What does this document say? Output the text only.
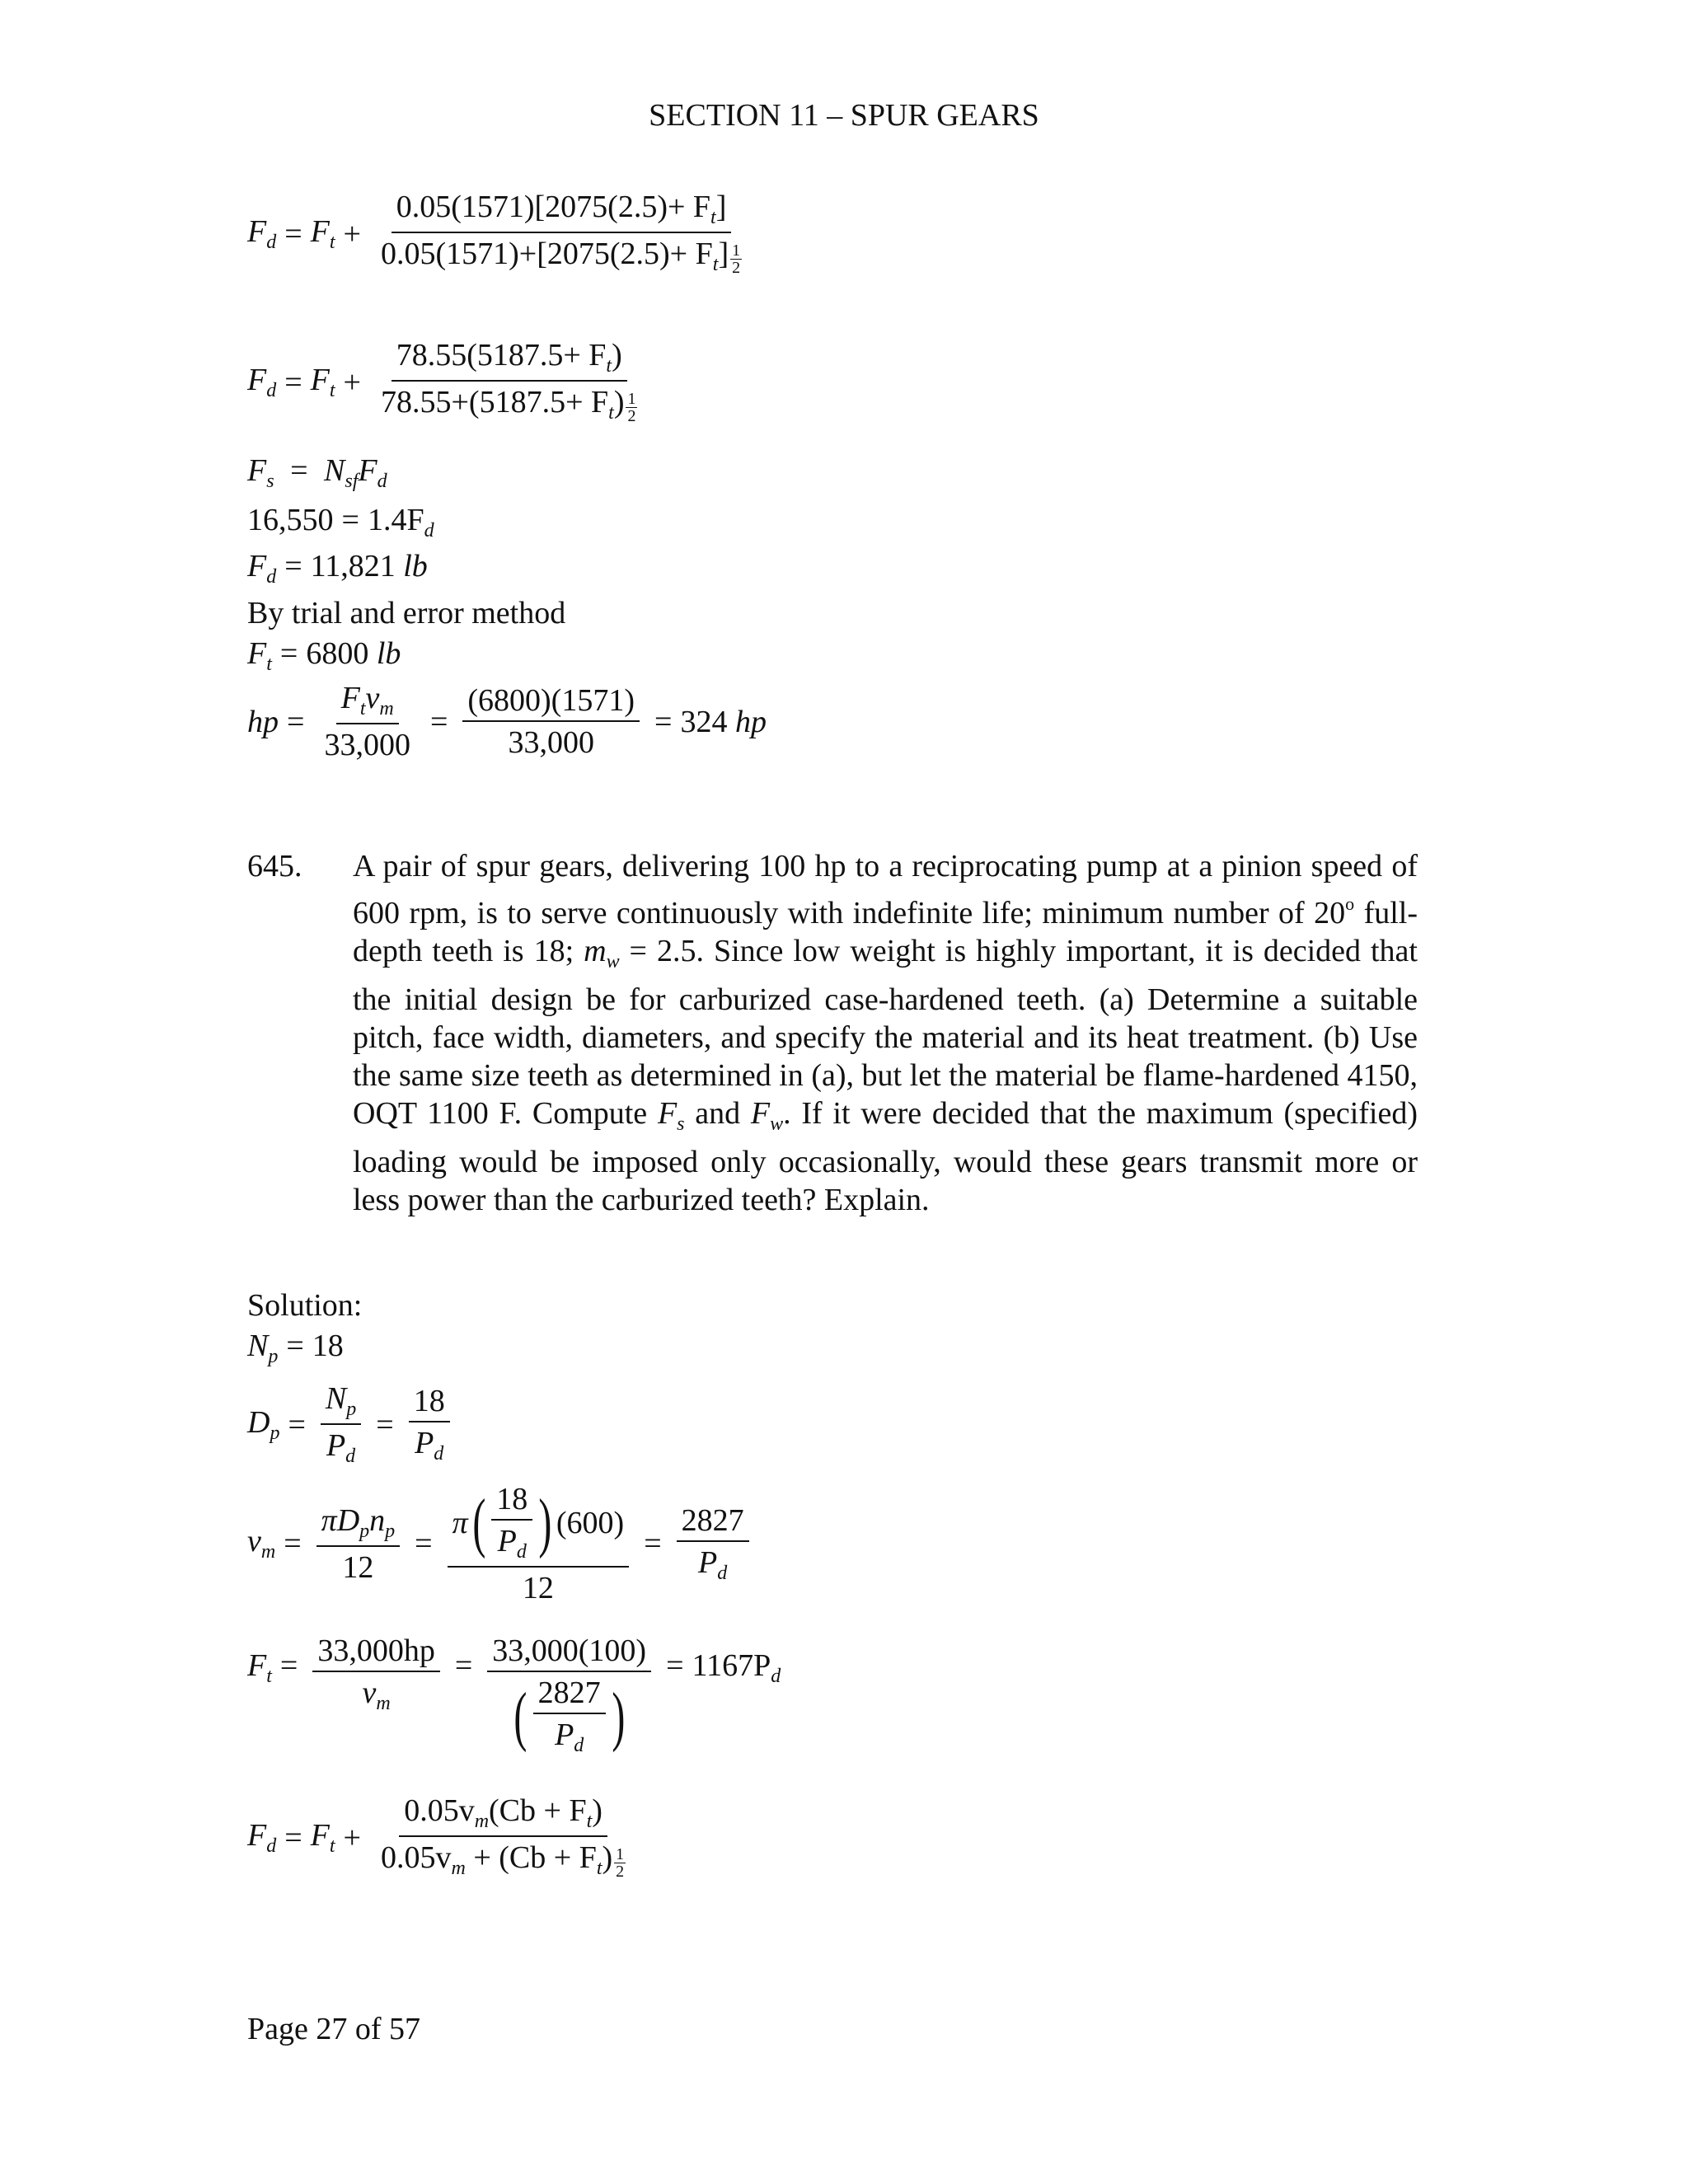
SECTION 11 – SPUR GEARS
$F_d = F_t + \frac{0.05(1571)[2075(2.5)+ F_t]}{0.05(1571)+[2075(2.5)+ F_t] \frac{1}{2}}$
$F_d = F_t + \frac{78.55(5187.5+ F_t)}{78.55+(5187.5+ F_t) \frac{1}{2}}$
$F_s = N_{sf}F_d$
$16,550 = 1.4F_d$
$F_d = 11,821$ lb
By trial and error method
$F_t = 6800$ lb
hp = $\frac{F_tv_m}{33,000} = \frac{(6800)(1571)}{33,000} = 324$
hp
645. A pair of spur gears, delivering 100 hp to a reciprocating pump at a pinion speed of 600 rpm, is to serve continuously with indefinite life; minimum number of 20$^o$ full-depth teeth is 18; $m_w = 2.5$. Since low weight is highly important, it is decided that the initial design be for carburized case-hardened teeth. (a) Determine a suitable pitch, face width, diameters, and specify the material and its heat treatment. (b) Use the same size teeth as determined in (a), but let the material be flame-hardened 4150, OQT 1100 F. Compute $F_s$ and $F_w$. If it were decided that the maximum (specified) loading would be imposed only occasionally, would these gears transmit more or less power than the carburized teeth? Explain.
Solution:
$N_p = 18$
$D_p = \frac{N_p}{P_d} = \frac{18}{P_d}$
$v_m = \frac{\pi D_pn_p}{12} = \frac{\pi ( \frac{18}{P_d} ) (600)}{12} = \frac{2827}{P_d}$
$F_t = \frac{33,000hp}{v_m} = \frac{33,000(100)}{( \frac{2827}{P_d} )} = 1167P_d$
$F_d = F_t + \frac{0.05v_m(Cb + F_t)}{0.05v_m + (Cb + F_t) \frac{1}{2}}$
Page 27 of 57
